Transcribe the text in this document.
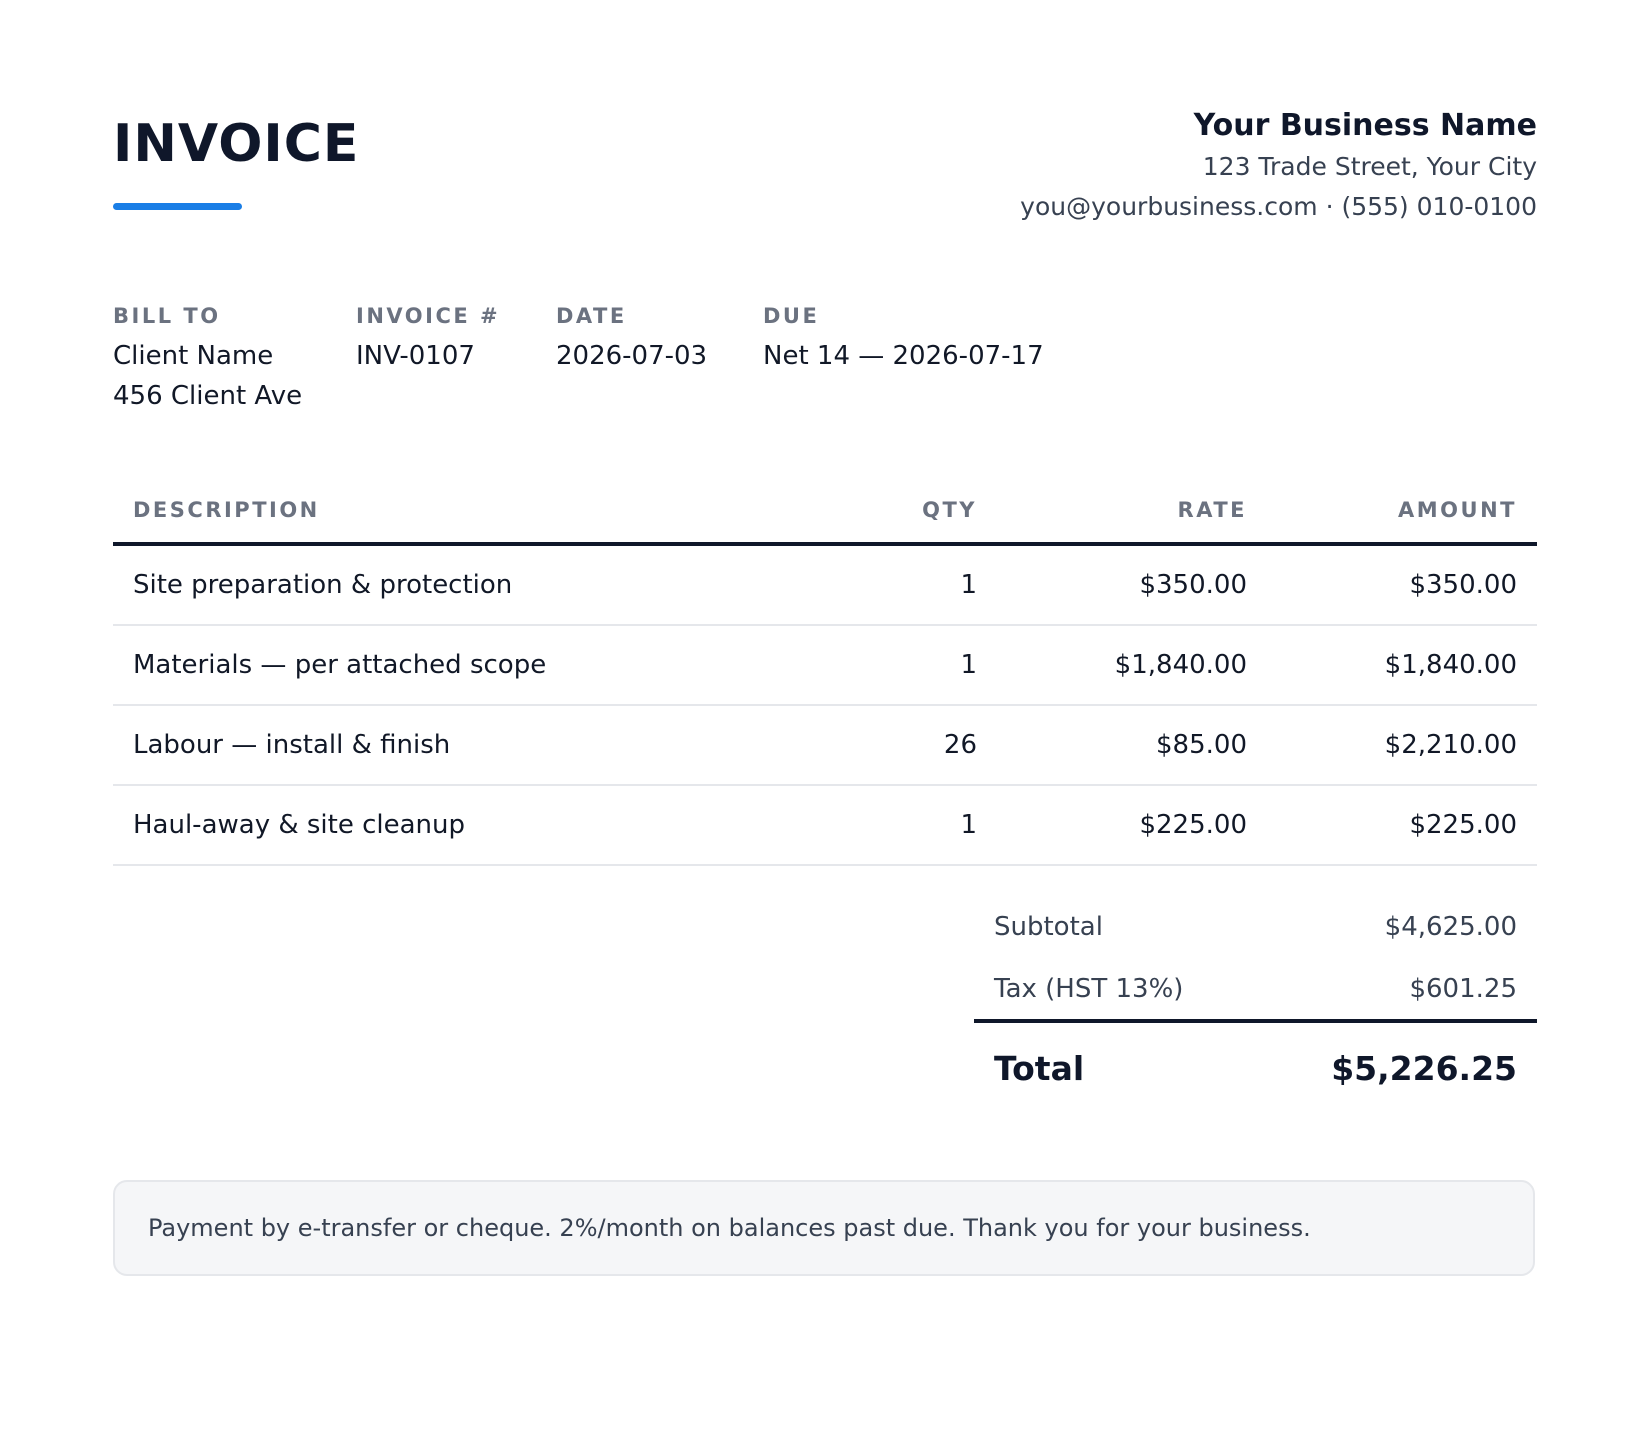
INVOICE	Your Business Name
123 Trade Street, Your City
you@yourbusiness.com · (555) 010-0100
BILL TO
Client Name
456 Client Ave
INVOICE #
INV-0107
DATE
2026-07-03
DUE
Net 14 — 2026-07-17
DESCRIPTION	QTY	RATE	AMOUNT
Site preparation & protection	1	$350.00	$350.00
Materials — per attached scope	1	$1,840.00	$1,840.00
Labour — install & finish	26	$85.00	$2,210.00
Haul-away & site cleanup	1	$225.00	$225.00
Subtotal	$4,625.00
Tax (HST 13%)	$601.25
Total	$5,226.25
Payment by e-transfer or cheque. 2%/month on balances past due. Thank you for your business.
